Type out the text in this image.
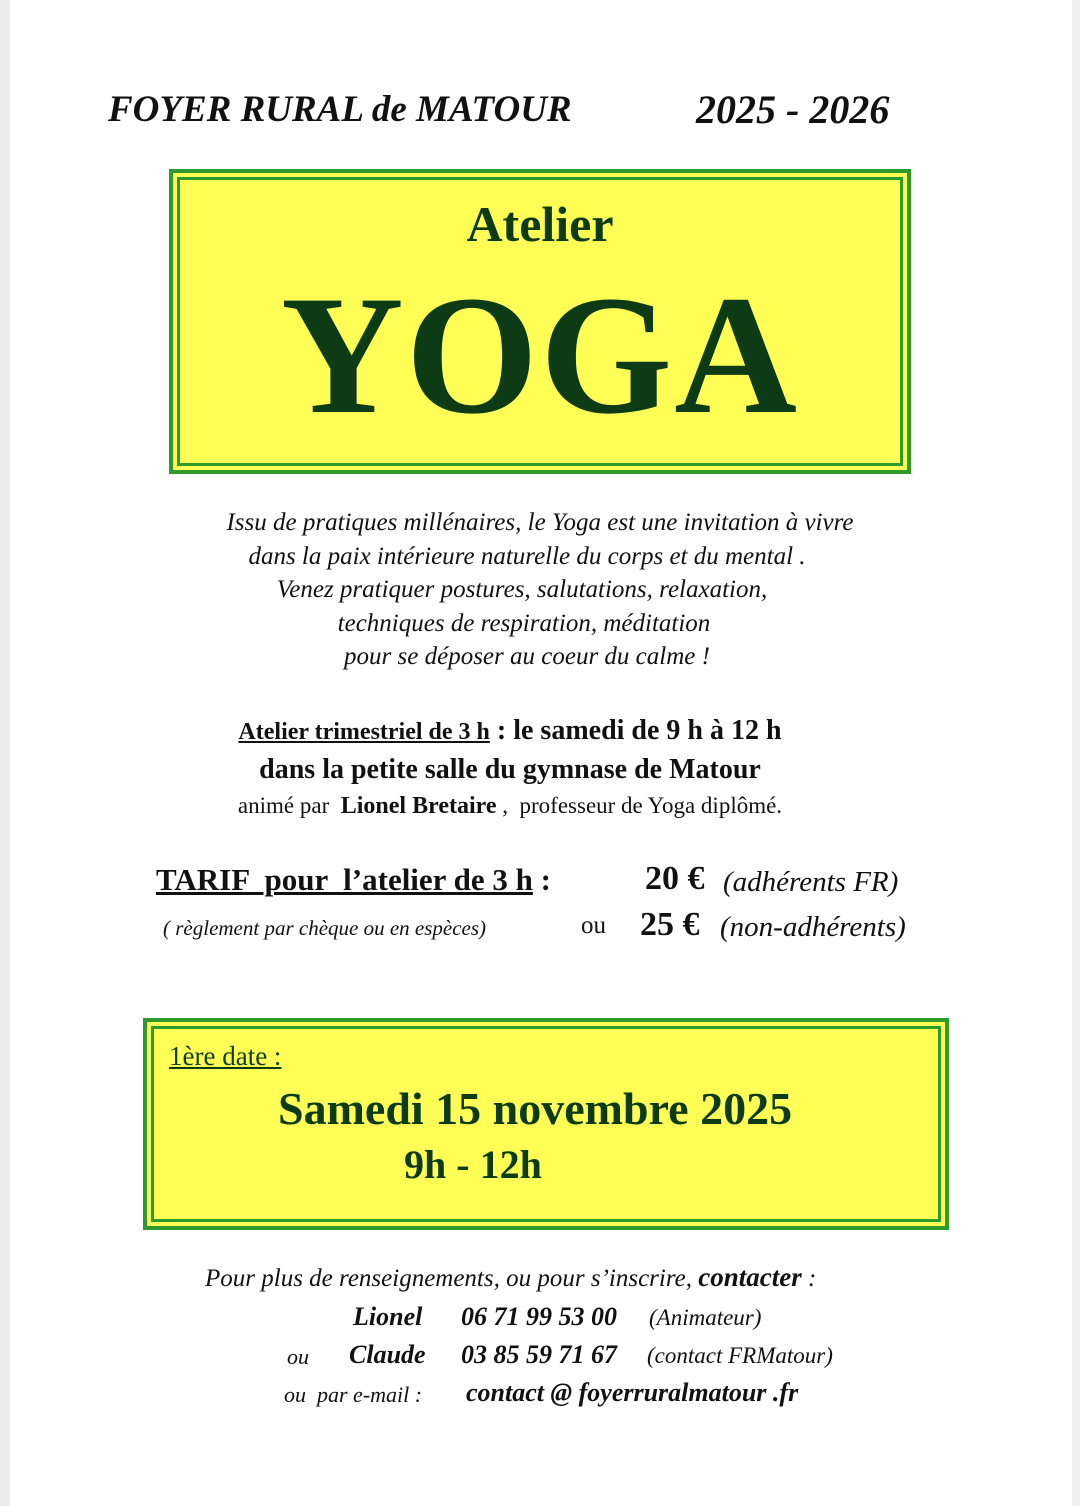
FOYER RURAL de MATOUR	2025 - 2026
Atelier
YOGA
Issu de pratiques millénaires, le Yoga est une invitation à vivre
dans la paix intérieure naturelle du corps et du mental .
Venez pratiquer postures, salutations, relaxation,
techniques de respiration, méditation
pour se déposer au coeur du calme !
Atelier trimestriel de 3 h : le samedi de 9 h à 12 h
dans la petite salle du gymnase de Matour
animé par Lionel Bretaire ,  professeur de Yoga diplômé.
TARIF  pour  l’atelier de 3 h :
( règlement par chèque ou en espèces)	ou
20 € (adhérents FR)
25 € (non-adhérents)
1ère date :
Samedi 15 novembre 2025
9h - 12h
Pour plus de renseignements, ou pour s’inscrire, contacter :
Lionel 06 71 99 53 00 (Animateur)
ou Claude 03 85 59 71 67 (contact FRMatour)
ou  par e-mail : contact @ foyerruralmatour .fr
